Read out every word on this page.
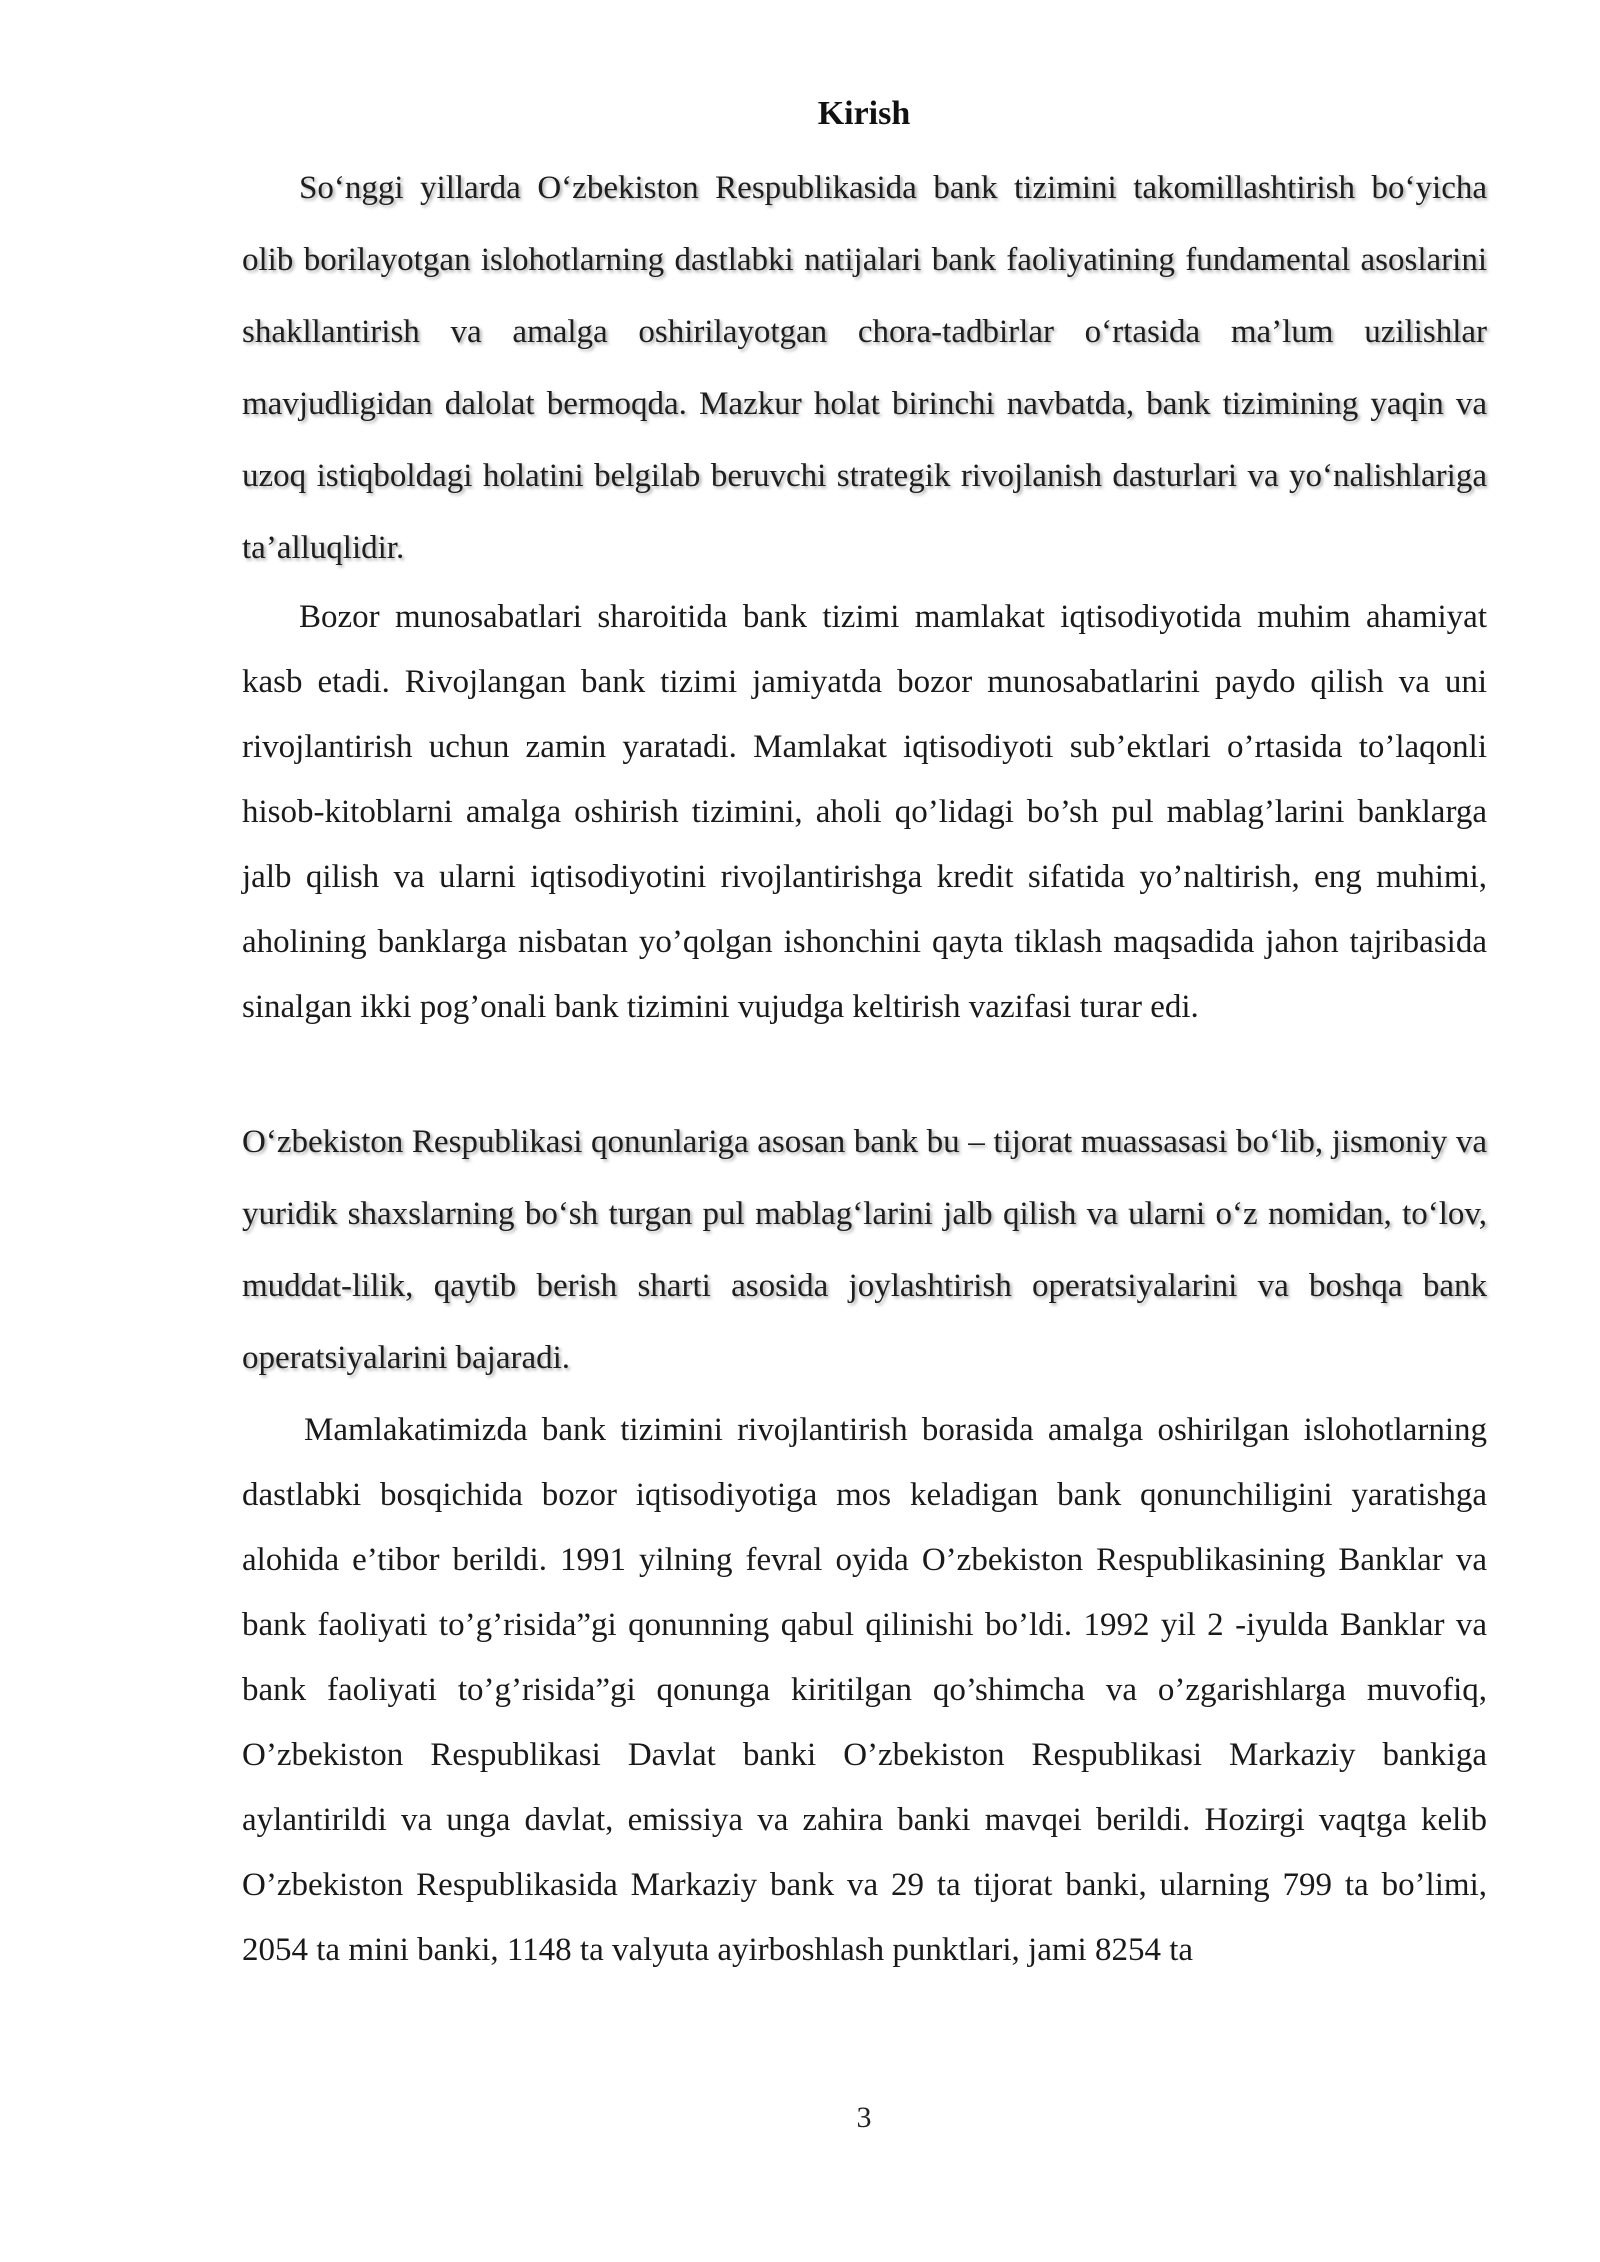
Kirish

So‘nggi yillarda O‘zbekiston Respublikasida bank tizimini takomillashtirish bo‘yicha olib borilayotgan islohotlarning dastlabki natijalari bank faoliyatining fundamental asoslarini shakllantirish va amalga oshirilayotgan chora-tadbirlar o‘rtasida ma’lum uzilishlar mavjudligidan dalolat bermoqda. Mazkur holat birinchi navbatda, bank tizimining yaqin va uzoq istiqboldagi holatini belgilab beruvchi strategik rivojlanish dasturlari va yo‘nalishlariga ta’alluqlidir.

Bozor munosabatlari sharoitida bank tizimi mamlakat iqtisodiyotida muhim ahamiyat kasb etadi. Rivojlangan bank tizimi jamiyatda bozor munosabatlarini paydo qilish va uni rivojlantirish uchun zamin yaratadi. Mamlakat iqtisodiyoti sub’ektlari o’rtasida to’laqonli hisob-kitoblarni amalga oshirish tizimini, aholi qo’lidagi bo’sh pul mablag’larini banklarga jalb qilish va ularni iqtisodiyotini rivojlantirishga kredit sifatida yo’naltirish, eng muhimi, aholining banklarga nisbatan yo’qolgan ishonchini qayta tiklash maqsadida jahon tajribasida sinalgan ikki pog’onali bank tizimini vujudga keltirish vazifasi turar edi.

O‘zbekiston Respublikasi qonunlariga asosan bank bu – tijorat muassasasi bo‘lib, jismoniy va yuridik shaxslarning bo‘sh turgan pul mablag‘larini jalb qilish va ularni o‘z nomidan, to‘lov, muddat-lilik, qaytib berish sharti asosida joylashtirish operatsiyalarini va boshqa bank operatsiyalarini bajaradi.

Mamlakatimizda bank tizimini rivojlantirish borasida amalga oshirilgan islohotlarning dastlabki bosqichida bozor iqtisodiyotiga mos keladigan bank qonunchiligini yaratishga alohida e’tibor berildi. 1991 yilning fevral oyida O’zbekiston Respublikasining Banklar va bank faoliyati to’g’risida”gi qonunning qabul qilinishi bo’ldi. 1992 yil 2 -iyulda Banklar va bank faoliyati to’g’risida”gi qonunga kiritilgan qo’shimcha va o’zgarishlarga muvofiq, O’zbekiston Respublikasi Davlat banki O’zbekiston Respublikasi Markaziy bankiga aylantirildi va unga davlat, emissiya va zahira banki mavqei berildi. Hozirgi vaqtga kelib O’zbekiston Respublikasida Markaziy bank va 29 ta tijorat banki, ularning 799 ta bo’limi, 2054 ta mini banki, 1148 ta valyuta ayirboshlash punktlari, jami 8254 ta

3
